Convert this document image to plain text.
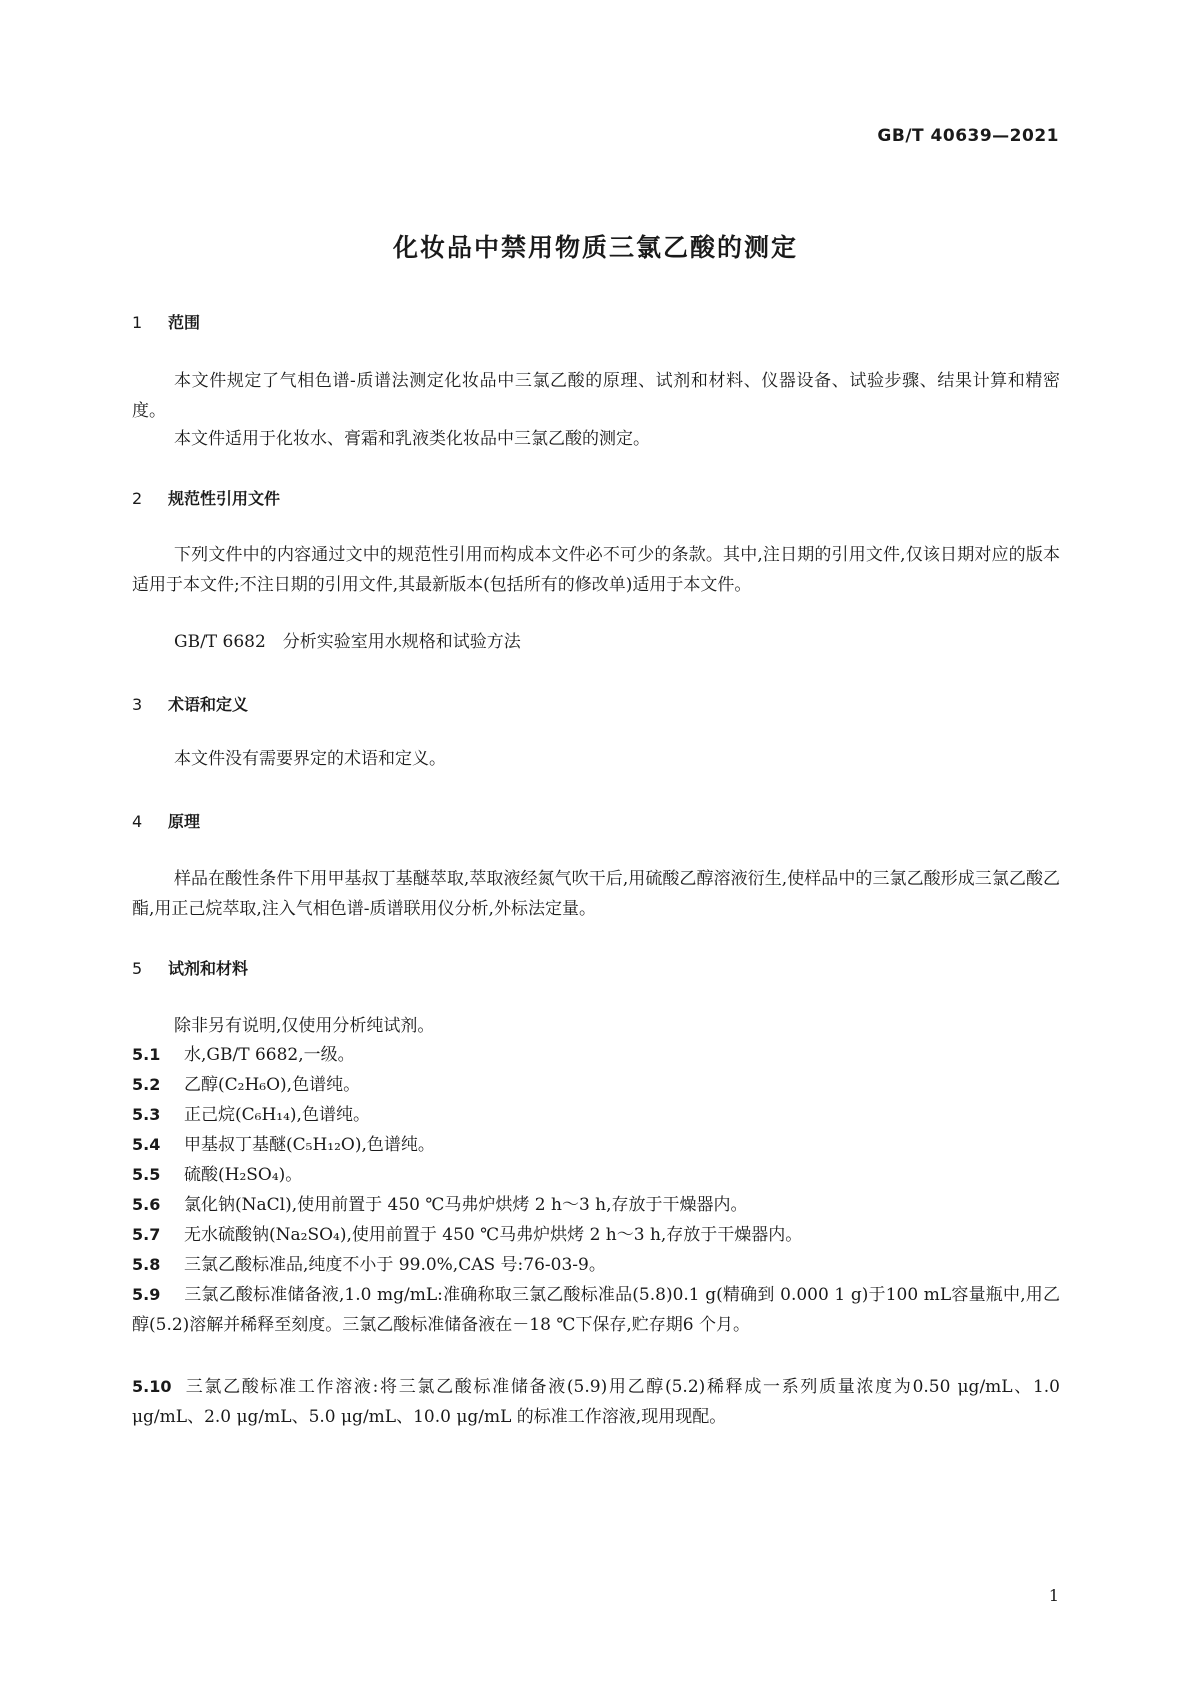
GB/T 40639—2021
化妆品中禁用物质三氯乙酸的测定
1 范围
本文件规定了气相色谱-质谱法测定化妆品中三氯乙酸的原理、试剂和材料、仪器设备、试验步骤、结果计算和精密度。
本文件适用于化妆水、膏霜和乳液类化妆品中三氯乙酸的测定。
2 规范性引用文件
下列文件中的内容通过文中的规范性引用而构成本文件必不可少的条款。其中,注日期的引用文件,仅该日期对应的版本适用于本文件;不注日期的引用文件,其最新版本(包括所有的修改单)适用于本文件。
GB/T 6682　分析实验室用水规格和试验方法
3 术语和定义
本文件没有需要界定的术语和定义。
4 原理
样品在酸性条件下用甲基叔丁基醚萃取,萃取液经氮气吹干后,用硫酸乙醇溶液衍生,使样品中的三氯乙酸形成三氯乙酸乙酯,用正己烷萃取,注入气相色谱-质谱联用仪分析,外标法定量。
5 试剂和材料
除非另有说明,仅使用分析纯试剂。
5.1 水,GB/T 6682,一级。
5.2 乙醇(C₂H₆O),色谱纯。
5.3 正己烷(C₆H₁₄),色谱纯。
5.4 甲基叔丁基醚(C₅H₁₂O),色谱纯。
5.5 硫酸(H₂SO₄)。
5.6 氯化钠(NaCl),使用前置于 450 ℃马弗炉烘烤 2 h～3 h,存放于干燥器内。
5.7 无水硫酸钠(Na₂SO₄),使用前置于 450 ℃马弗炉烘烤 2 h～3 h,存放于干燥器内。
5.8 三氯乙酸标准品,纯度不小于 99.0%,CAS 号:76-03-9。
5.9 三氯乙酸标准储备液,1.0 mg/mL:准确称取三氯乙酸标准品(5.8)0.1 g(精确到 0.000 1 g)于100 mL容量瓶中,用乙醇(5.2)溶解并稀释至刻度。三氯乙酸标准储备液在－18 ℃下保存,贮存期6 个月。
5.10 三氯乙酸标准工作溶液:将三氯乙酸标准储备液(5.9)用乙醇(5.2)稀释成一系列质量浓度为0.50 μg/mL、1.0 μg/mL、2.0 μg/mL、5.0 μg/mL、10.0 μg/mL 的标准工作溶液,现用现配。
1
